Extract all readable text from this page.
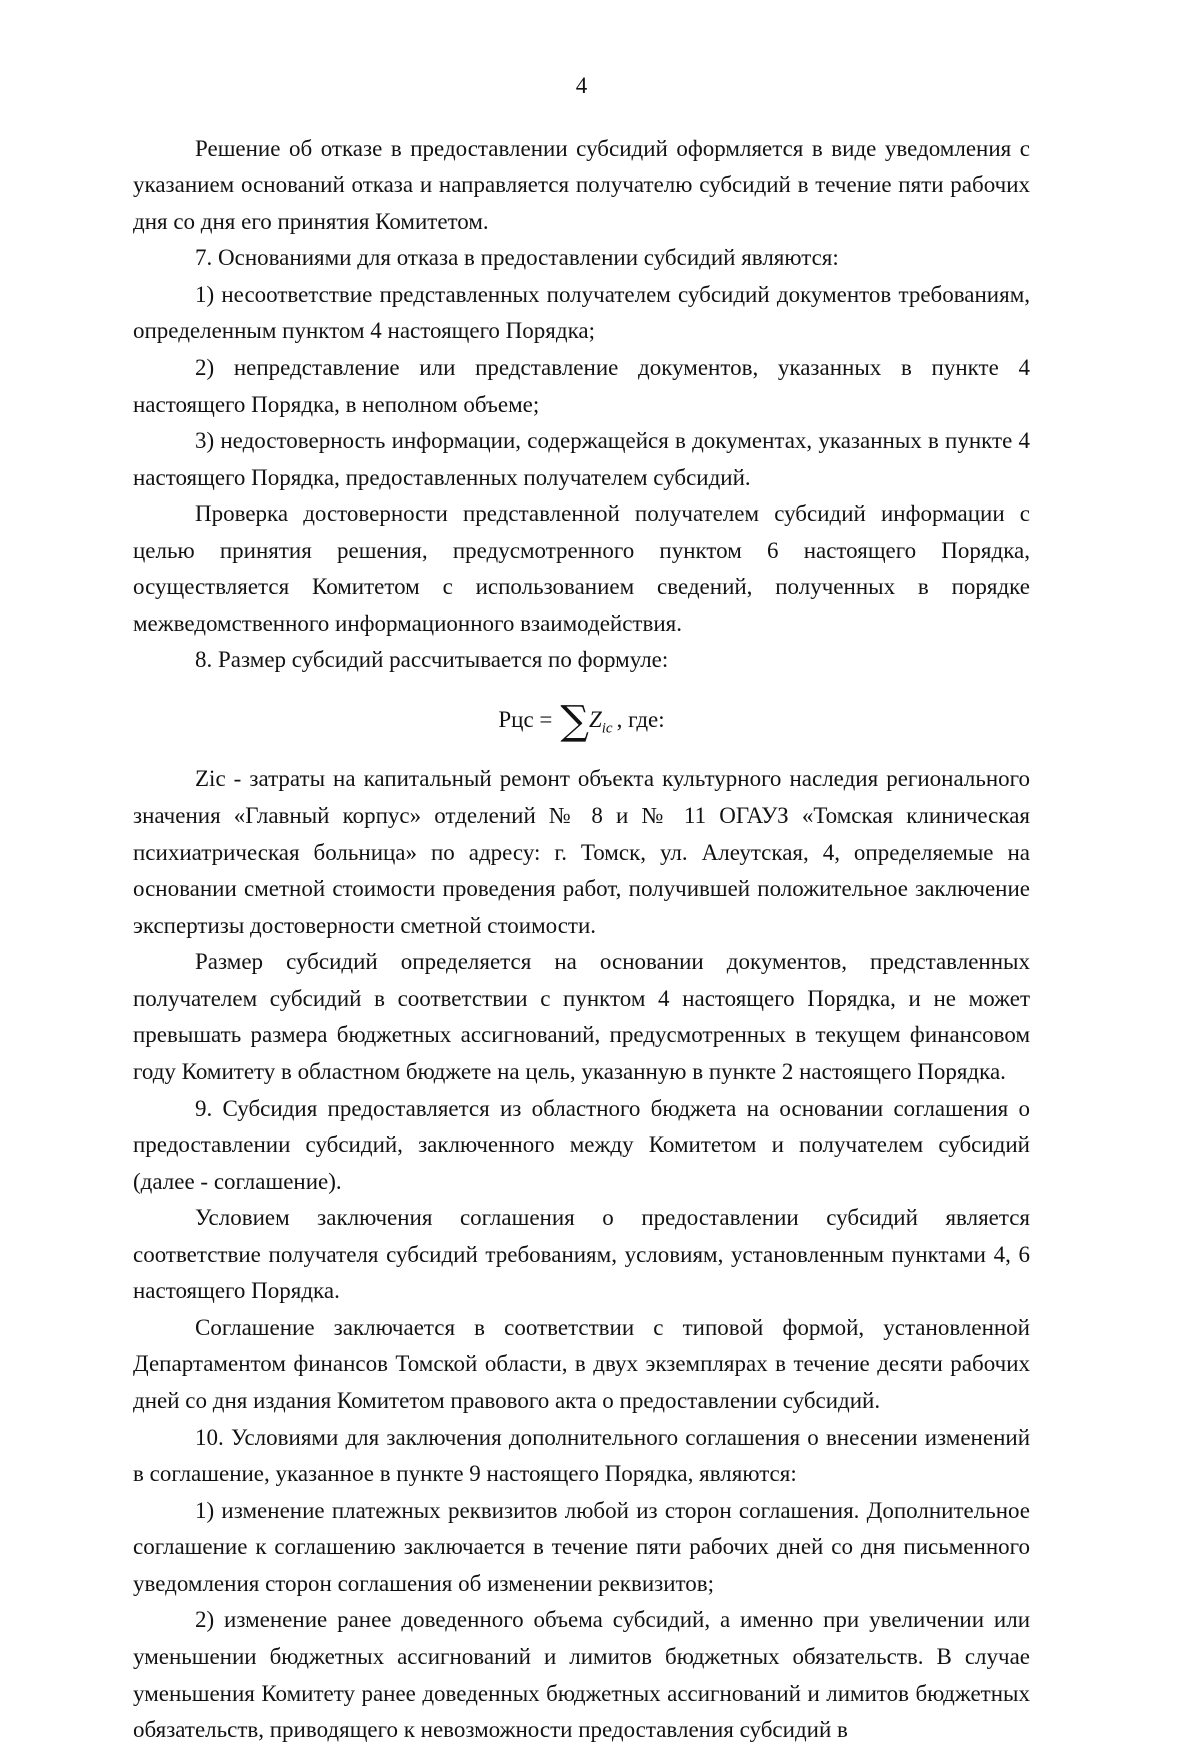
4

Решение об отказе в предоставлении субсидий оформляется в виде уведомления с указанием оснований отказа и направляется получателю субсидий в течение пяти рабочих дня со дня его принятия Комитетом.

7. Основаниями для отказа в предоставлении субсидий являются:

1) несоответствие представленных получателем субсидий документов требованиям, определенным пунктом 4 настоящего Порядка;

2) непредставление или представление документов, указанных в пункте 4 настоящего Порядка, в неполном объеме;

3) недостоверность информации, содержащейся в документах, указанных в пункте 4 настоящего Порядка, предоставленных получателем субсидий.

Проверка достоверности представленной получателем субсидий информации с целью принятия решения, предусмотренного пунктом 6 настоящего Порядка, осуществляется Комитетом с использованием сведений, полученных в порядке межведомственного информационного взаимодействия.

8. Размер субсидий рассчитывается по формуле:

Рцс = $\sum Z_{ic}$ , где:

Zic - затраты на капитальный ремонт объекта культурного наследия регионального значения «Главный корпус» отделений № 8 и № 11 ОГАУЗ «Томская клиническая психиатрическая больница» по адресу: г. Томск, ул. Алеутская, 4, определяемые на основании сметной стоимости проведения работ, получившей положительное заключение экспертизы достоверности сметной стоимости.

Размер субсидий определяется на основании документов, представленных получателем субсидий в соответствии с пунктом 4 настоящего Порядка, и не может превышать размера бюджетных ассигнований, предусмотренных в текущем финансовом году Комитету в областном бюджете на цель, указанную в пункте 2 настоящего Порядка.

9. Субсидия предоставляется из областного бюджета на основании соглашения о предоставлении субсидий, заключенного между Комитетом и получателем субсидий (далее - соглашение).

Условием заключения соглашения о предоставлении субсидий является соответствие получателя субсидий требованиям, условиям, установленным пунктами 4, 6 настоящего Порядка.

Соглашение заключается в соответствии с типовой формой, установленной Департаментом финансов Томской области, в двух экземплярах в течение десяти рабочих дней со дня издания Комитетом правового акта о предоставлении субсидий.

10. Условиями для заключения дополнительного соглашения о внесении изменений в соглашение, указанное в пункте 9 настоящего Порядка, являются:

1) изменение платежных реквизитов любой из сторон соглашения. Дополнительное соглашение к соглашению заключается в течение пяти рабочих дней со дня письменного уведомления сторон соглашения об изменении реквизитов;

2) изменение ранее доведенного объема субсидий, а именно при увеличении или уменьшении бюджетных ассигнований и лимитов бюджетных обязательств. В случае уменьшения Комитету ранее доведенных бюджетных ассигнований и лимитов бюджетных обязательств, приводящего к невозможности предоставления субсидий в
